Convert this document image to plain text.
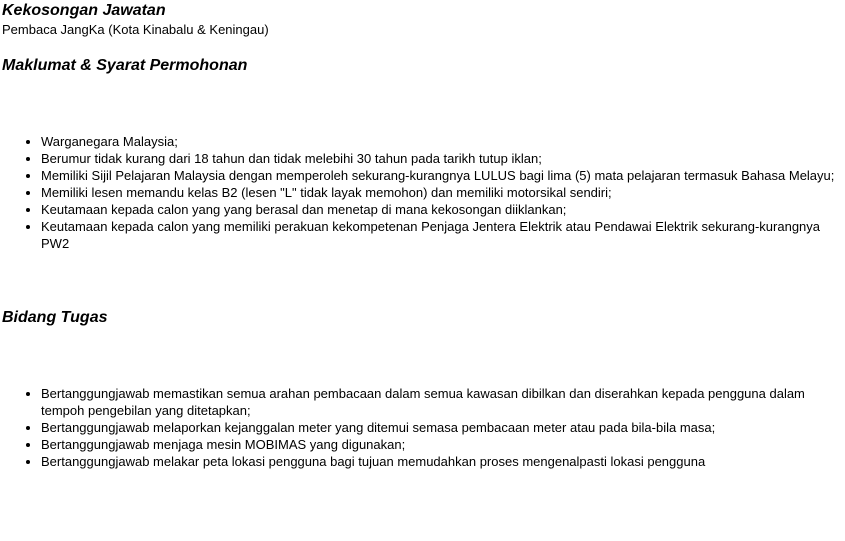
Kekosongan Jawatan
Pembaca JangKa (Kota Kinabalu & Keningau)
Maklumat & Syarat Permohonan
• Warganegara Malaysia;
• Berumur tidak kurang dari 18 tahun dan tidak melebihi 30 tahun pada tarikh tutup iklan;
• Memiliki Sijil Pelajaran Malaysia dengan memperoleh sekurang-kurangnya LULUS bagi lima (5) mata pelajaran termasuk Bahasa Melayu;
• Memiliki lesen memandu kelas B2 (lesen "L" tidak layak memohon) dan memiliki motorsikal sendiri;
• Keutamaan kepada calon yang yang berasal dan menetap di mana kekosongan diiklankan;
• Keutamaan kepada calon yang memiliki perakuan kekompetenan Penjaga Jentera Elektrik atau Pendawai Elektrik sekurang-kurangnya PW2
Bidang Tugas
• Bertanggungjawab memastikan semua arahan pembacaan dalam semua kawasan dibilkan dan diserahkan kepada pengguna dalam tempoh pengebilan yang ditetapkan;
• Bertanggungjawab melaporkan kejanggalan meter yang ditemui semasa pembacaan meter atau pada bila-bila masa;
• Bertanggungjawab menjaga mesin MOBIMAS yang digunakan;
• Bertanggungjawab melakar peta lokasi pengguna bagi tujuan memudahkan proses mengenalpasti lokasi pengguna
